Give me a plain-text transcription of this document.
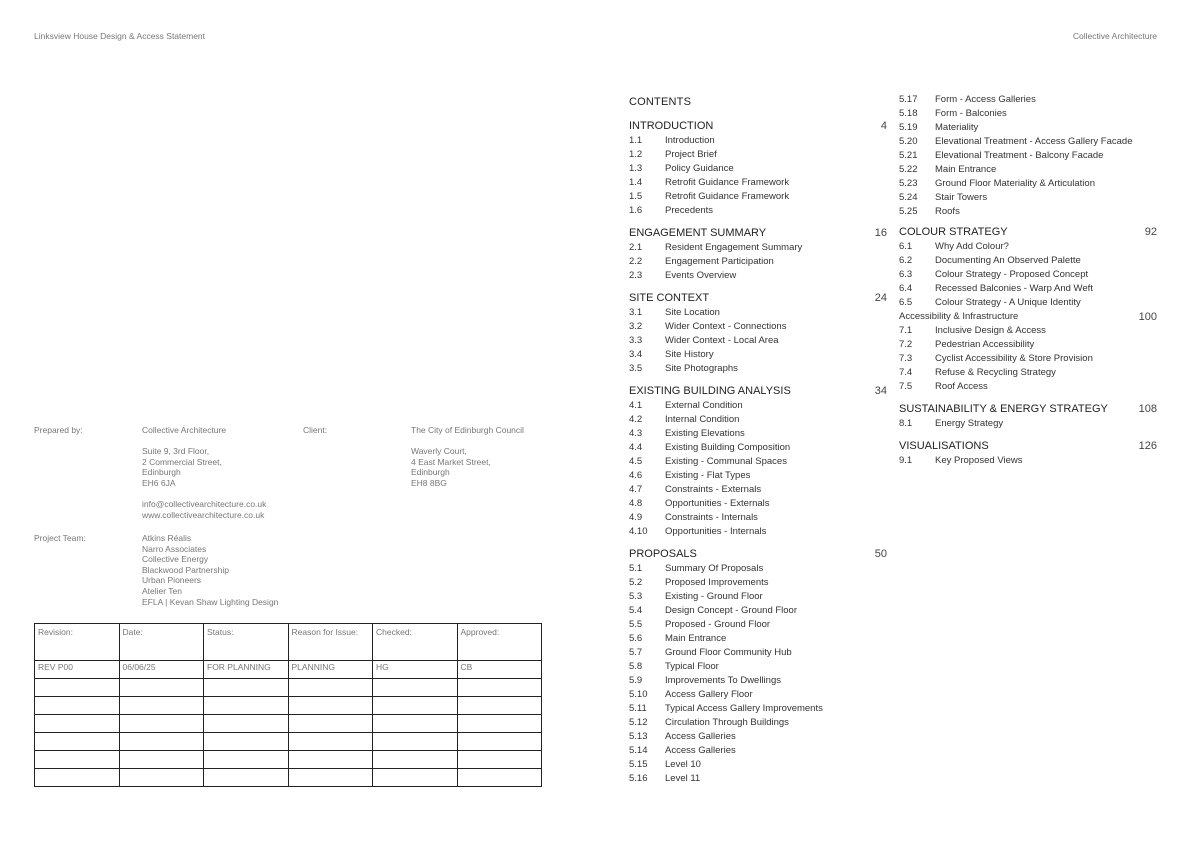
Linksview House Design & Access Statement	Collective Architecture
Prepared by:	Collective Architecture

Suite 9, 3rd Floor,
2 Commercial Street,
Edinburgh
EH6 6JA

info@collectivearchitecture.co.uk
www.collectivearchitecture.co.uk
Client:	The City of Edinburgh Council

Waverly Court,
4 East Market Street,
Edinburgh
EH8 8BG
Project Team:	Atkins Réalis
Narro Associates
Collective Energy
Blackwood Partnership
Urban Pioneers
Atelier Ten
EFLA | Kevan Shaw Lighting Design
Revision:	Date:	Status:	Reason for Issue:	Checked:	Approved:
REV P00	06/06/25	FOR PLANNING	PLANNING	HG	CB

CONTENTS
INTRODUCTION	4
1.1	Introduction
1.2	Project Brief
1.3	Policy Guidance
1.4	Retrofit Guidance Framework
1.5	Retrofit Guidance Framework
1.6	Precedents
ENGAGEMENT SUMMARY	16
2.1	Resident Engagement Summary
2.2	Engagement Participation
2.3	Events Overview
SITE CONTEXT	24
3.1	Site Location
3.2	Wider Context - Connections
3.3	Wider Context - Local Area
3.4	Site History
3.5	Site Photographs
EXISTING BUILDING ANALYSIS	34
4.1	External Condition
4.2	Internal Condition
4.3	Existing Elevations
4.4	Existing Building Composition
4.5	Existing - Communal Spaces
4.6	Existing - Flat Types
4.7	Constraints - Externals
4.8	Opportunities - Externals
4.9	Constraints - Internals
4.10	Opportunities - Internals
PROPOSALS	50
5.1	Summary Of Proposals
5.2	Proposed Improvements
5.3	Existing - Ground Floor
5.4	Design Concept - Ground Floor
5.5	Proposed - Ground Floor
5.6	Main Entrance
5.7	Ground Floor Community Hub
5.8	Typical Floor
5.9	Improvements To Dwellings
5.10	Access Gallery Floor
5.11	Typical Access Gallery Improvements
5.12	Circulation Through Buildings
5.13	Access Galleries
5.14	Access Galleries
5.15	Level 10
5.16	Level 11
5.17	Form - Access Galleries
5.18	Form - Balconies
5.19	Materiality
5.20	Elevational Treatment - Access Gallery Facade
5.21	Elevational Treatment - Balcony Facade
5.22	Main Entrance
5.23	Ground Floor Materiality & Articulation
5.24	Stair Towers
5.25	Roofs
COLOUR STRATEGY	92
6.1	Why Add Colour?
6.2	Documenting An Observed Palette
6.3	Colour Strategy - Proposed Concept
6.4	Recessed Balconies - Warp And Weft
6.5	Colour Strategy - A Unique Identity
Accessibility & Infrastructure	100
7.1	Inclusive Design & Access
7.2	Pedestrian Accessibility
7.3	Cyclist Accessibility & Store Provision
7.4	Refuse & Recycling Strategy
7.5	Roof Access
SUSTAINABILITY & ENERGY STRATEGY	108
8.1	Energy Strategy
VISUALISATIONS	126
9.1	Key Proposed Views
